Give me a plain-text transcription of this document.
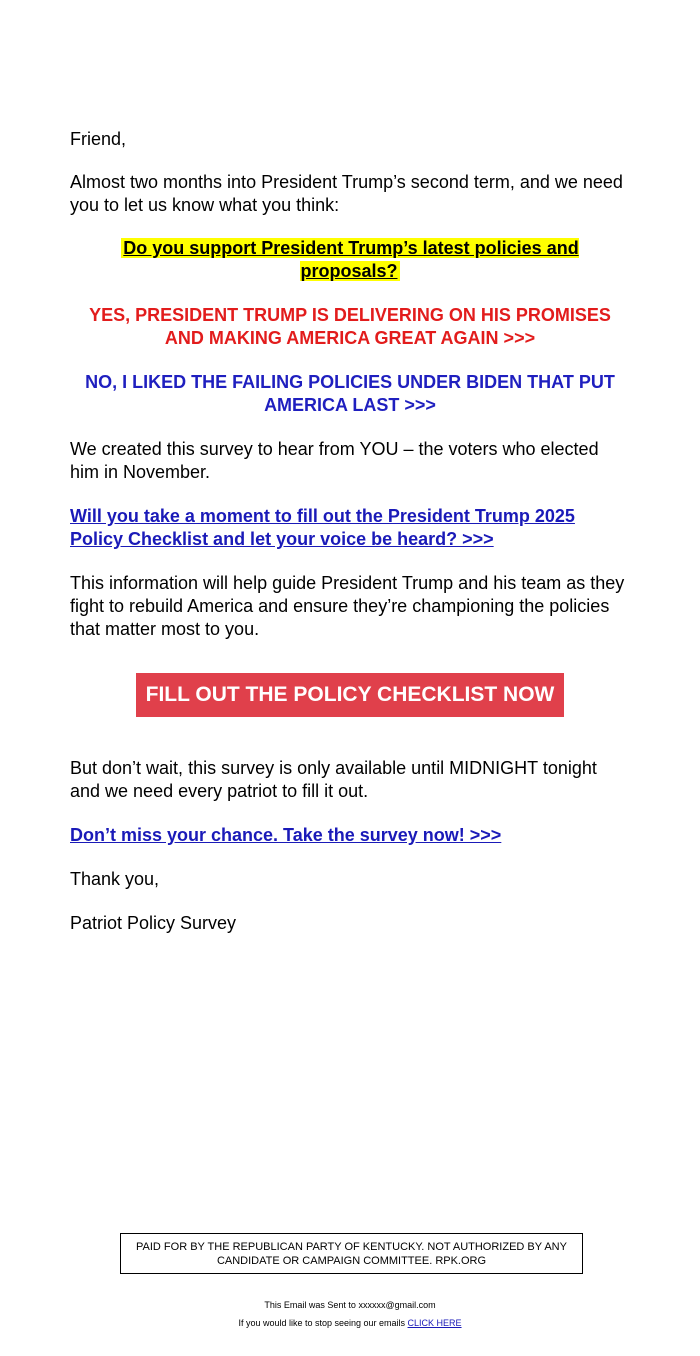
Friend,

Almost two months into President Trump’s second term, and we need you to let us know what you think:

Do you support President Trump’s latest policies and proposals?

YES, PRESIDENT TRUMP IS DELIVERING ON HIS PROMISES AND MAKING AMERICA GREAT AGAIN >>>
NO, I LIKED THE FAILING POLICIES UNDER BIDEN THAT PUT AMERICA LAST >>>

We created this survey to hear from YOU – the voters who elected him in November.

Will you take a moment to fill out the President Trump 2025 Policy Checklist and let your voice be heard? >>>

This information will help guide President Trump and his team as they fight to rebuild America and ensure they’re championing the policies that matter most to you.

FILL OUT THE POLICY CHECKLIST NOW

But don’t wait, this survey is only available until MIDNIGHT tonight and we need every patriot to fill it out.

Don’t miss your chance. Take the survey now! >>>

Thank you,

Patriot Policy Survey

PAID FOR BY THE REPUBLICAN PARTY OF KENTUCKY. NOT AUTHORIZED BY ANY CANDIDATE OR CAMPAIGN COMMITTEE. RPK.ORG
This Email was Sent to xxxxxx@gmail.com
If you would like to stop seeing our emails CLICK HERE
